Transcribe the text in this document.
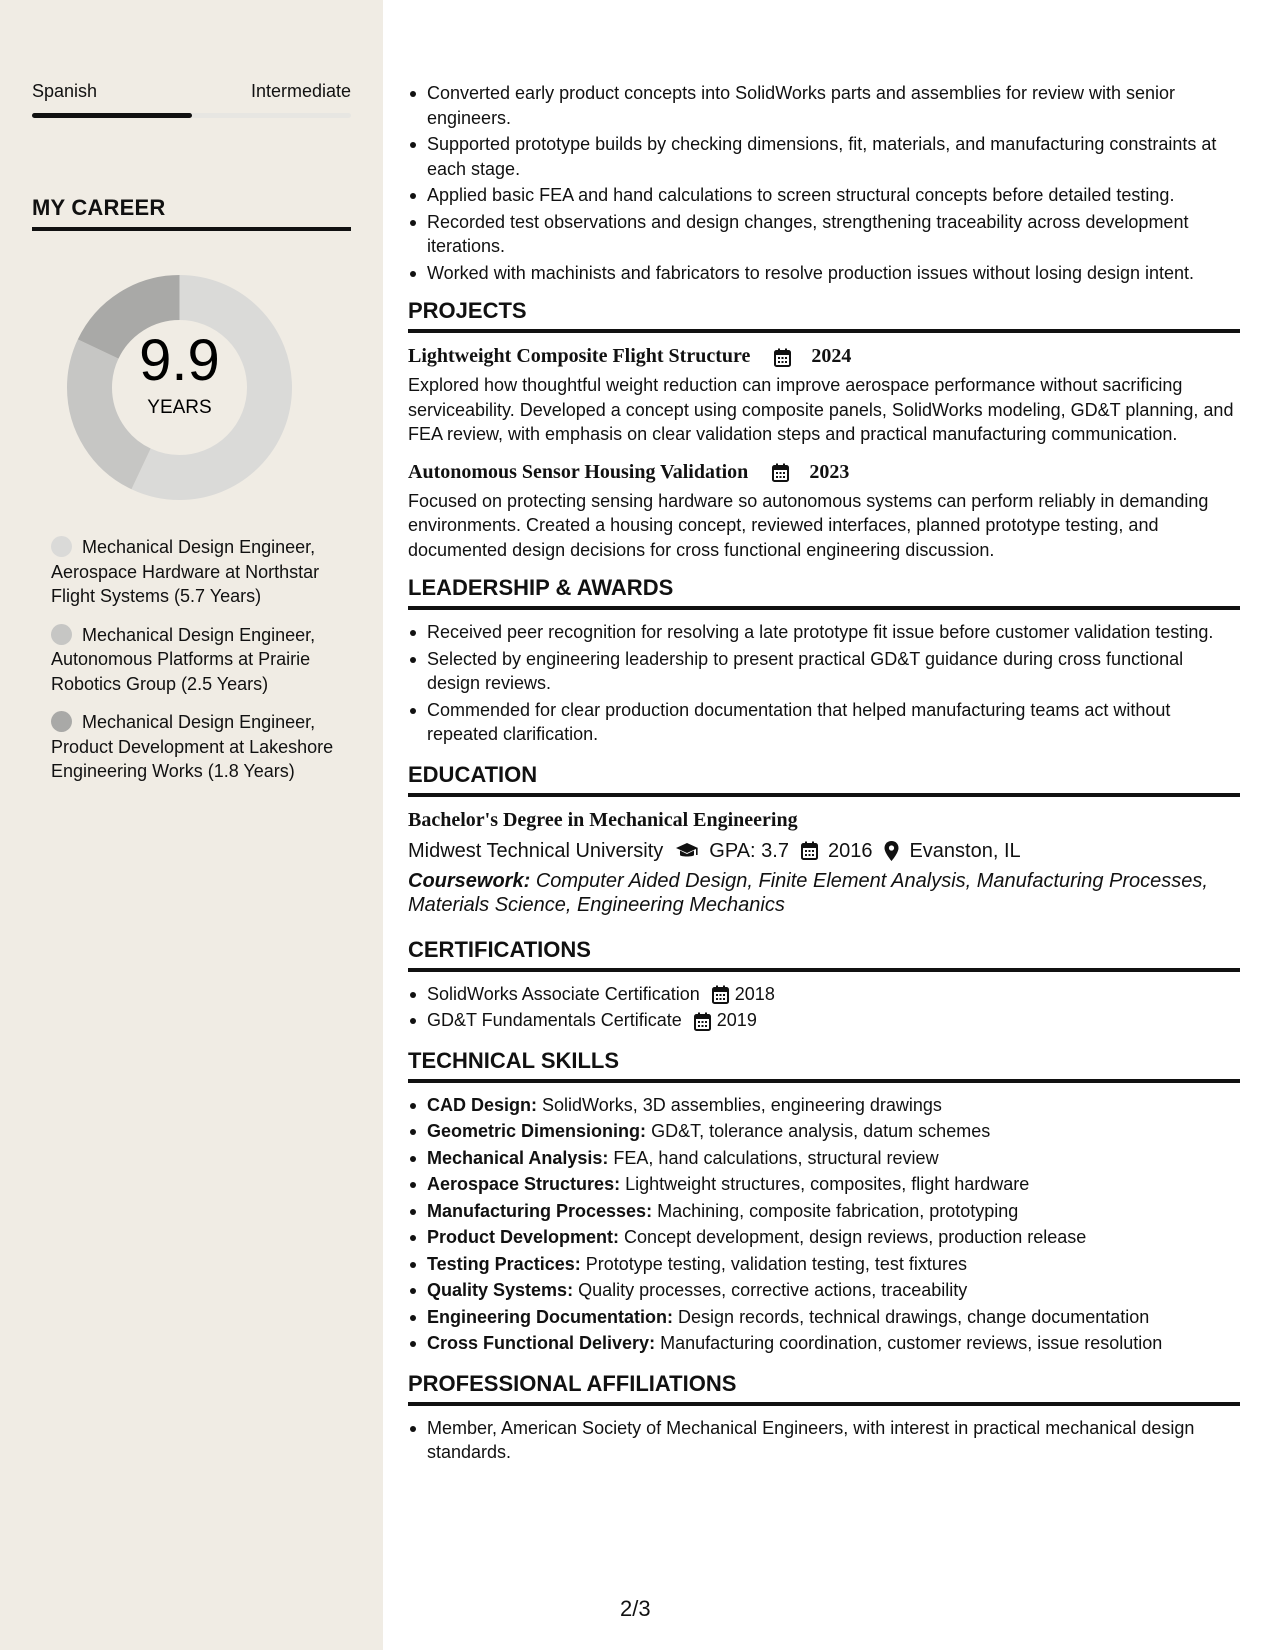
Spanish	Intermediate
MY CAREER
9.9
YEARS
Mechanical Design Engineer, Aerospace Hardware at Northstar Flight Systems (5.7 Years)
Mechanical Design Engineer, Autonomous Platforms at Prairie Robotics Group (2.5 Years)
Mechanical Design Engineer, Product Development at Lakeshore Engineering Works (1.8 Years)
Converted early product concepts into SolidWorks parts and assemblies for review with senior engineers.
Supported prototype builds by checking dimensions, fit, materials, and manufacturing constraints at each stage.
Applied basic FEA and hand calculations to screen structural concepts before detailed testing.
Recorded test observations and design changes, strengthening traceability across development iterations.
Worked with machinists and fabricators to resolve production issues without losing design intent.
PROJECTS
Lightweight Composite Flight Structure	2024
Explored how thoughtful weight reduction can improve aerospace performance without sacrificing serviceability. Developed a concept using composite panels, SolidWorks modeling, GD&T planning, and FEA review, with emphasis on clear validation steps and practical manufacturing communication.
Autonomous Sensor Housing Validation	2023
Focused on protecting sensing hardware so autonomous systems can perform reliably in demanding environments. Created a housing concept, reviewed interfaces, planned prototype testing, and documented design decisions for cross functional engineering discussion.
LEADERSHIP & AWARDS
Received peer recognition for resolving a late prototype fit issue before customer validation testing.
Selected by engineering leadership to present practical GD&T guidance during cross functional design reviews.
Commended for clear production documentation that helped manufacturing teams act without repeated clarification.
EDUCATION
Bachelor's Degree in Mechanical Engineering
Midwest Technical University GPA: 3.7 2016 Evanston, IL
Coursework: Computer Aided Design, Finite Element Analysis, Manufacturing Processes, Materials Science, Engineering Mechanics
CERTIFICATIONS
SolidWorks Associate Certification 2018
GD&T Fundamentals Certificate 2019
TECHNICAL SKILLS
CAD Design: SolidWorks, 3D assemblies, engineering drawings
Geometric Dimensioning: GD&T, tolerance analysis, datum schemes
Mechanical Analysis: FEA, hand calculations, structural review
Aerospace Structures: Lightweight structures, composites, flight hardware
Manufacturing Processes: Machining, composite fabrication, prototyping
Product Development: Concept development, design reviews, production release
Testing Practices: Prototype testing, validation testing, test fixtures
Quality Systems: Quality processes, corrective actions, traceability
Engineering Documentation: Design records, technical drawings, change documentation
Cross Functional Delivery: Manufacturing coordination, customer reviews, issue resolution
PROFESSIONAL AFFILIATIONS
Member, American Society of Mechanical Engineers, with interest in practical mechanical design standards.
2/3
